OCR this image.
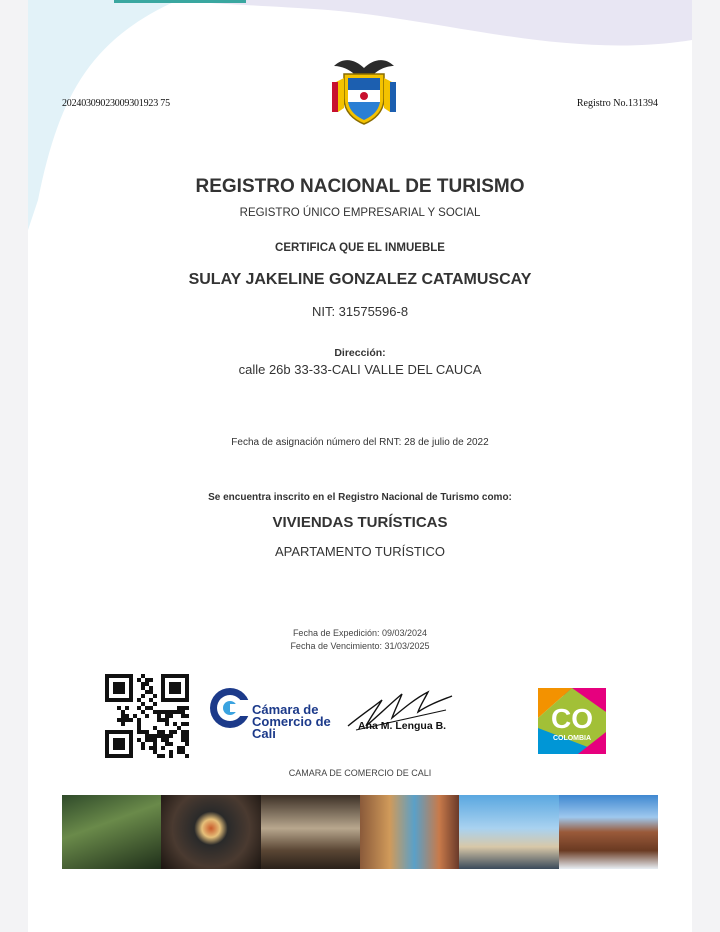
20240309023009301923 75	Registro No.131394
REGISTRO NACIONAL DE TURISMO
REGISTRO ÚNICO EMPRESARIAL Y SOCIAL
CERTIFICA QUE EL INMUEBLE
SULAY JAKELINE GONZALEZ CATAMUSCAY
NIT: 31575596-8
Dirección:
calle 26b 33-33-CALI VALLE DEL CAUCA
Fecha de asignación número del RNT: 28 de julio de 2022
Se encuentra inscrito en el Registro Nacional de Turismo como:
VIVIENDAS TURÍSTICAS
APARTAMENTO TURÍSTICO
Fecha de Expedición: 09/03/2024
Fecha de Vencimiento: 31/03/2025
Cámara de
Comercio de
Cali	Ana M. Lengua B.	CO
COLOMBIA
CAMARA DE COMERCIO DE CALI
